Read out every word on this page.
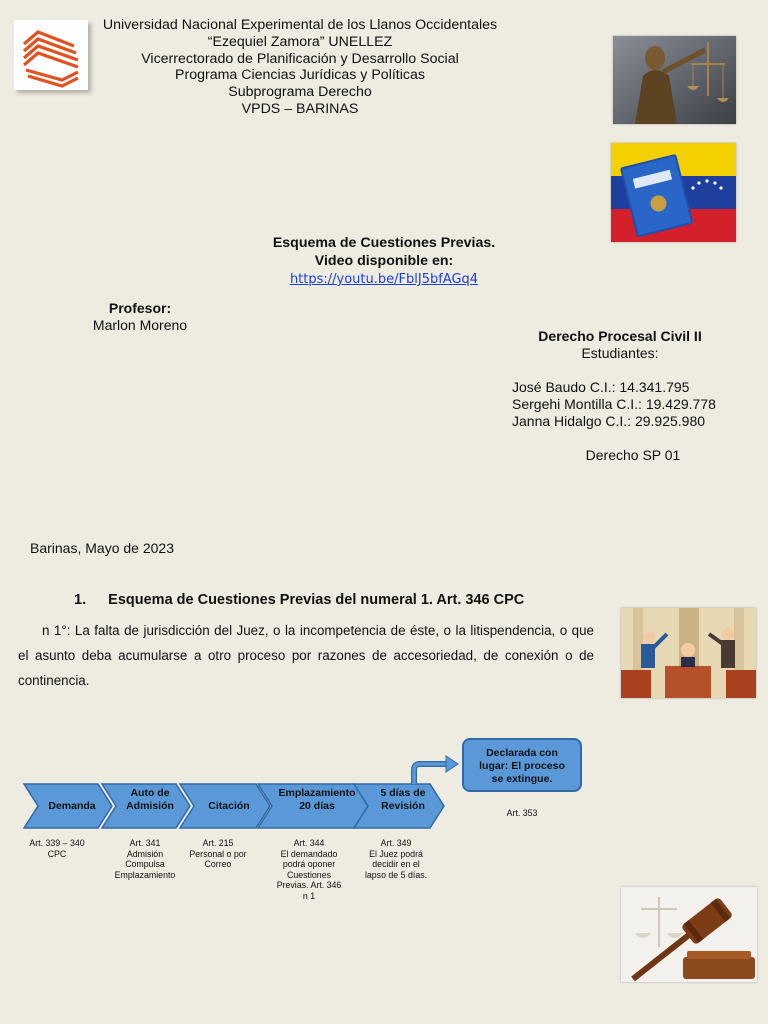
Universidad Nacional Experimental de los Llanos Occidentales
“Ezequiel Zamora” UNELLEZ
Vicerrectorado de Planificación y Desarrollo Social
Programa Ciencias Jurídicas y Políticas
Subprograma Derecho
VPDS – BARINAS
Esquema de Cuestiones Previas.
Video disponible en:
https://youtu.be/FblJ5bfAGq4
Profesor:
Marlon Moreno
Derecho Procesal Civil II
Estudiantes:
José Baudo C.I.: 14.341.795
Sergehi Montilla C.I.: 19.429.778
Janna Hidalgo C.I.: 29.925.980
Derecho SP 01
Barinas, Mayo de 2023
1. Esquema de Cuestiones Previas del numeral 1. Art. 346 CPC
n 1°: La falta de jurisdicción del Juez, o la incompetencia de éste, o la litispendencia, o que el asunto deba acumularse a otro proceso por razones de accesoriedad, de conexión o de continencia.
Demanda
Auto de
Admisión	Citación
Emplazamiento
20 días
5 días de
Revisión
Art. 339 – 340
CPC
Art. 341
Admisión
Compulsa
Emplazamiento
Art. 215
Personal o por
Correo
Art. 344
El demandado
podrá oponer
Cuestiones
Previas. Art. 346
n 1
Art. 349
El Juez podrá
decidir en el
lapso de 5 días.
Declarada con
lugar: El proceso
se extingue.
Art. 353
